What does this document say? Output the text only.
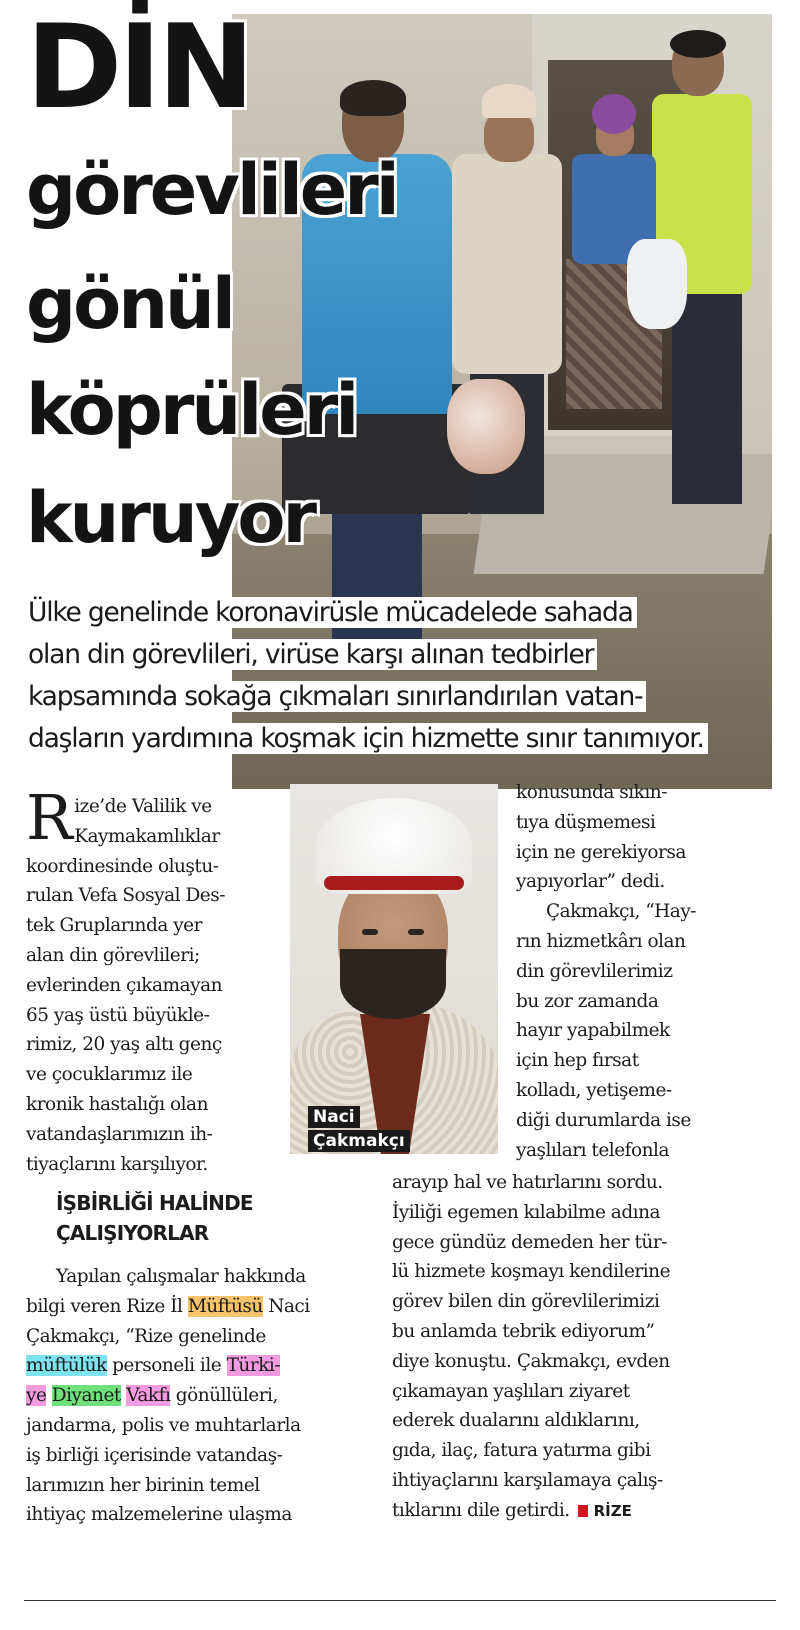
DİN
görevlileri
gönül
köprüleri
kuruyor

Ülke genelinde koronavirüsle mücadelede sahada
olan din görevlileri, virüse karşı alınan tedbirler
kapsamında sokağa çıkmaları sınırlandırılan vatan-
daşların yardımına koşmak için hizmette sınır tanımıyor.

R ize’de Valilik ve
Kaymakamlıklar
koordinesinde oluştu-
rulan Vefa Sosyal Des-
tek Gruplarında yer
alan din görevlileri;
evlerinden çıkamayan
65 yaş üstü büyükle-
rimiz, 20 yaş altı genç
ve çocuklarımız ile
kronik hastalığı olan
vatandaşlarımızın ih-
tiyaçlarını karşılıyor.
İŞBİRLİĞİ HALİNDE
ÇALIŞIYORLAR
Yapılan çalışmalar hakkında
bilgi veren Rize İl Müftüsü Naci
Çakmakçı, “Rize genelinde
müftülük personeli ile Türki-
ye Diyanet Vakfı gönüllüleri,
jandarma, polis ve muhtarlarla
iş birliği içerisinde vatandaş-
larımızın her birinin temel
ihtiyaç malzemelerine ulaşma
Naci
Çakmakçı
konusunda sıkın-
tıya düşmemesi
için ne gerekiyorsa
yapıyorlar” dedi.
Çakmakçı, “Hay-
rın hizmetkârı olan
din görevlilerimiz
bu zor zamanda
hayır yapabilmek
için hep fırsat
kolladı, yetişeme-
diği durumlarda ise
yaşlıları telefonla
arayıp hal ve hatırlarını sordu.
İyiliği egemen kılabilme adına
gece gündüz demeden her tür-
lü hizmete koşmayı kendilerine
görev bilen din görevlilerimizi
bu anlamda tebrik ediyorum”
diye konuştu. Çakmakçı, evden
çıkamayan yaşlıları ziyaret
ederek dualarını aldıklarını,
gıda, ilaç, fatura yatırma gibi
ihtiyaçlarını karşılamaya çalış-
tıklarını dile getirdi. RİZE
